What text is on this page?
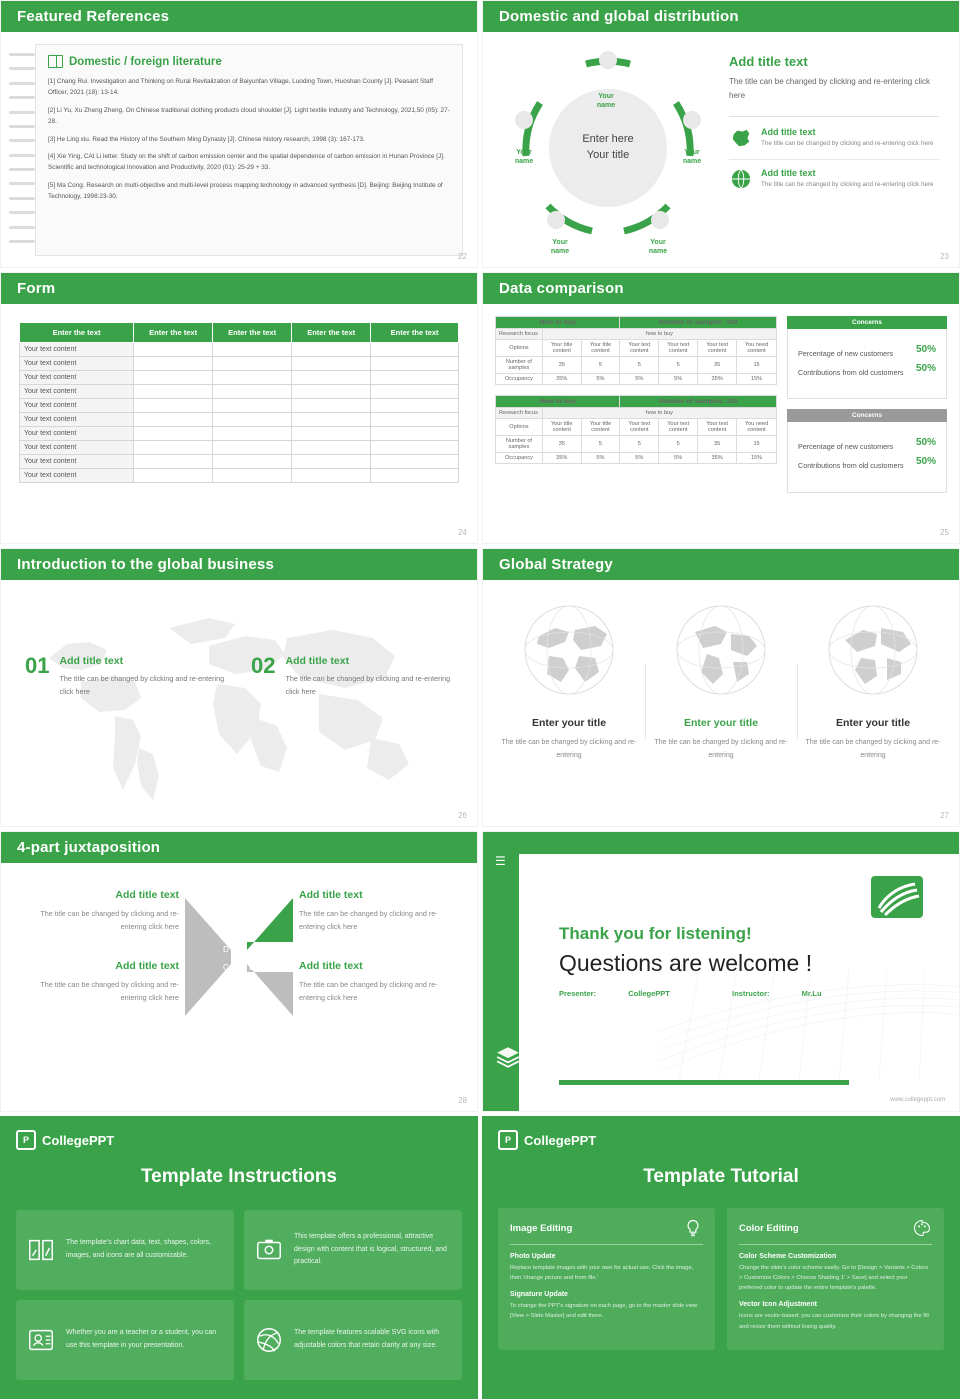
Featured References
Domestic / foreign literature

[1] Chang Rui. Investigation and Thinking on Rural Revitalization of Baiyunfan Village, Luoding Town, Huoshan County [J]. Peasant Staff Officer, 2021 (18): 13-14.

[2] Li Yu, Xu Zheng Zheng. On Chinese traditional clothing products cloud shoulder [J]. Light textile Industry and Technology, 2021,50 (05): 27-28.

[3] He Ling xiu. Read the History of the Southern Ming Dynasty [J]. Chinese history research, 1998 (3): 167-173.

[4] Xie Ying, CAI Li letter. Study on the shift of carbon emission center and the spatial dependence of carbon emission in Hunan Province [J]. Scientific and technological Innovation and Productivity, 2020 (01): 25-29 + 33.

[5] Ma Cong. Research on multi-objective and multi-level process mapping technology in advanced synthesis [D]. Beijing: Beijing Institute of Technology, 1998:23-30.

22
Domestic and global distribution
Enter here
Your title
Your
name
Your
name
Your
name
Your
name
Your
name
Add title text

The title can be changed by clicking and re-entering click here

Add title text

The title can be changed by clicking and re-entering click here

Add title text

The title can be changed by clicking and re-entering click here

23
Form
Enter the text	Enter the text	Enter the text	Enter the text	Enter the text
Your text content				
Your text content				
Your text content				
Your text content				
Your text content				
Your text content				
Your text content				
Your text content				
Your text content				
Your text content				
24
Data comparison
How to buy			Number of samples: 100			
Research focus	how to buy					
Options	Your title content	Your title content	Your text content	Your text content	Your text content	You need content
Number of samples	35	5	5	5	35	15
Occupancy	35%	5%	5%	5%	35%	15%
How to buy			Number of samples: 100			
Research focus	how to buy					
Options	Your title content	Your title content	Your text content	Your text content	Your text content	You need content
Number of samples	35	5	5	5	35	15
Occupancy	35%	5%	5%	5%	35%	15%
Concerns
50%
Percentage of new customers
50%
Contributions from old customers
Concerns
50%
Percentage of new customers
50%
Contributions from old customers
25
Introduction to the global business
01 Add title text

The title can be changed by clicking and re-entering click here

02 Add title text

The title can be changed by clicking and re-entering click here

26
Global Strategy
Enter your title

The title can be changed by clicking and re-entering

Enter your title

The tile can be changed by clicking and re-entering

Enter your title

The title can be changed by clicking and re-entering

27
4-part juxtaposition
Add title text

The title can be changed by clicking and re-entering click here

Add title text

The title can be changed by clicking and re-entering click here

D	A
C	B
Add title text

The title can be changed by clicking and re-entering click here

Add title text

The title can be changed by clicking and re-entering click here

28
☰
Thank you for listening!
Questions are welcome !
Presenter:	CollegePPT	Instructor:	Mr.Lu
www.collegeppt.com
P	CollegePPT
Template Instructions

The template's chart data, text, shapes, colors, images, and icons are all customizable.

This template offers a professional, attractive design with content that is logical, structured, and practical.

Whether you are a teacher or a student, you can use this template in your presentation.

The template features scalable SVG icons with adjustable colors that retain clarity at any size.

P	CollegePPT
Template Tutorial
Image Editing
Photo Update

Replace template images with your own for actual use. Click the image, then 'change picture and from file.'

Signature Update

To change the PPT's signature on each page, go to the master slide view [View > Slide Master] and edit there.

Color Editing
Color Scheme Customization

Change the slide's color scheme easily. Go to [Design > Variants > Colors > Customize Colors > Choose Shading 1' > Save] and select your preferred color to update the entire template's palette.

Vector Icon Adjustment

Icons are vector-based; you can customize their colors by changing the fill and resize them without losing quality.
